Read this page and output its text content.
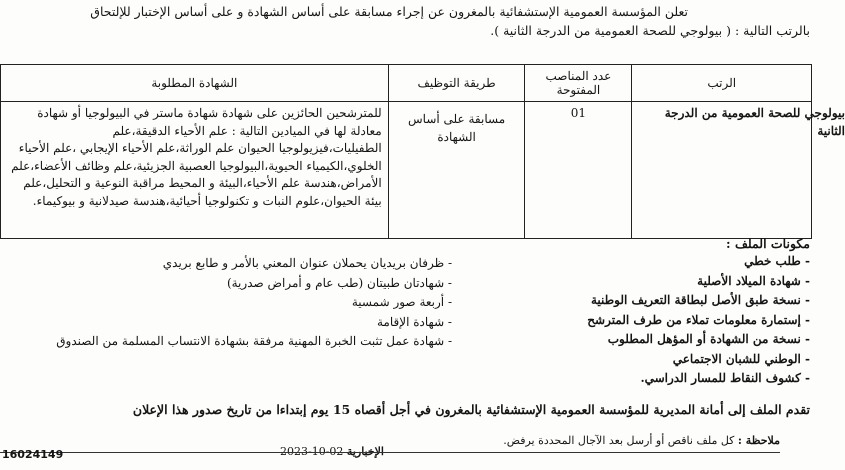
تعلن المؤسسة العمومية الإستشفائية بالمغرون عن إجراء مسابقة على أساس الشهادة و على أساس الإختبار للإلتحاق

بالرتب التالية : ( بيولوجي للصحة العمومية من الدرجة الثانية ).

الرتب	عدد المناصب المفتوحة	طريقة التوظيف	الشهادة المطلوبة

بيولوجي للصحة العمومية من الدرجة الثانية	01	مسابقة على أساس الشهادة	للمترشحين الحائزين على شهادة شهادة ماستر في البيولوجيا أو شهادة معادلة لها في الميادين التالية : علم الأحياء الدقيقة،علم الطفيليات،فيزيولوجيا الحيوان علم الوراثة،علم الأحياء الإيجابي ،علم الأحياء الخلوي،الكيمياء الحيوية،البيولوجيا العصبية الجزيئية،علم وظائف الأعضاء،علم الأمراض،هندسة علم الأحياء،البيئة و المحيط مراقبة النوعية و التحليل،علم بيئة الحيوان،علوم النبات و تكنولوجيا أحيائية،هندسة صيدلانية و بيوكيماء.
مكونات الملف :
- طلب خطي
- شهادة الميلاد الأصلية
- نسخة طبق الأصل لبطاقة التعريف الوطنية
- إستمارة معلومات تملاء من طرف المترشح
- نسخة من الشهادة أو المؤهل المطلوب
- الوطني للشبان الاجتماعي
- كشوف النقاط للمسار الدراسي.
- ظرفان بريديان يحملان عنوان المعني بالأمر و طابع بريدي
- شهادتان طبيتان (طب عام و أمراض صدرية)
- أربعة صور شمسية
- شهادة الإقامة
- شهادة عمل تثبت الخبرة المهنية مرفقة بشهادة الانتساب المسلمة من الصندوق
تقدم الملف إلى أمانة المديرية للمؤسسة العمومية الإستشفائية بالمغرون في أجل أقصاه 15 يوم إبتداءا من تاريخ صدور هذا الإعلان
ملاحظة : كل ملف ناقص أو أرسل بعد الآجال المحددة يرفض.
الإخبارية 2023-10-02
16024149
